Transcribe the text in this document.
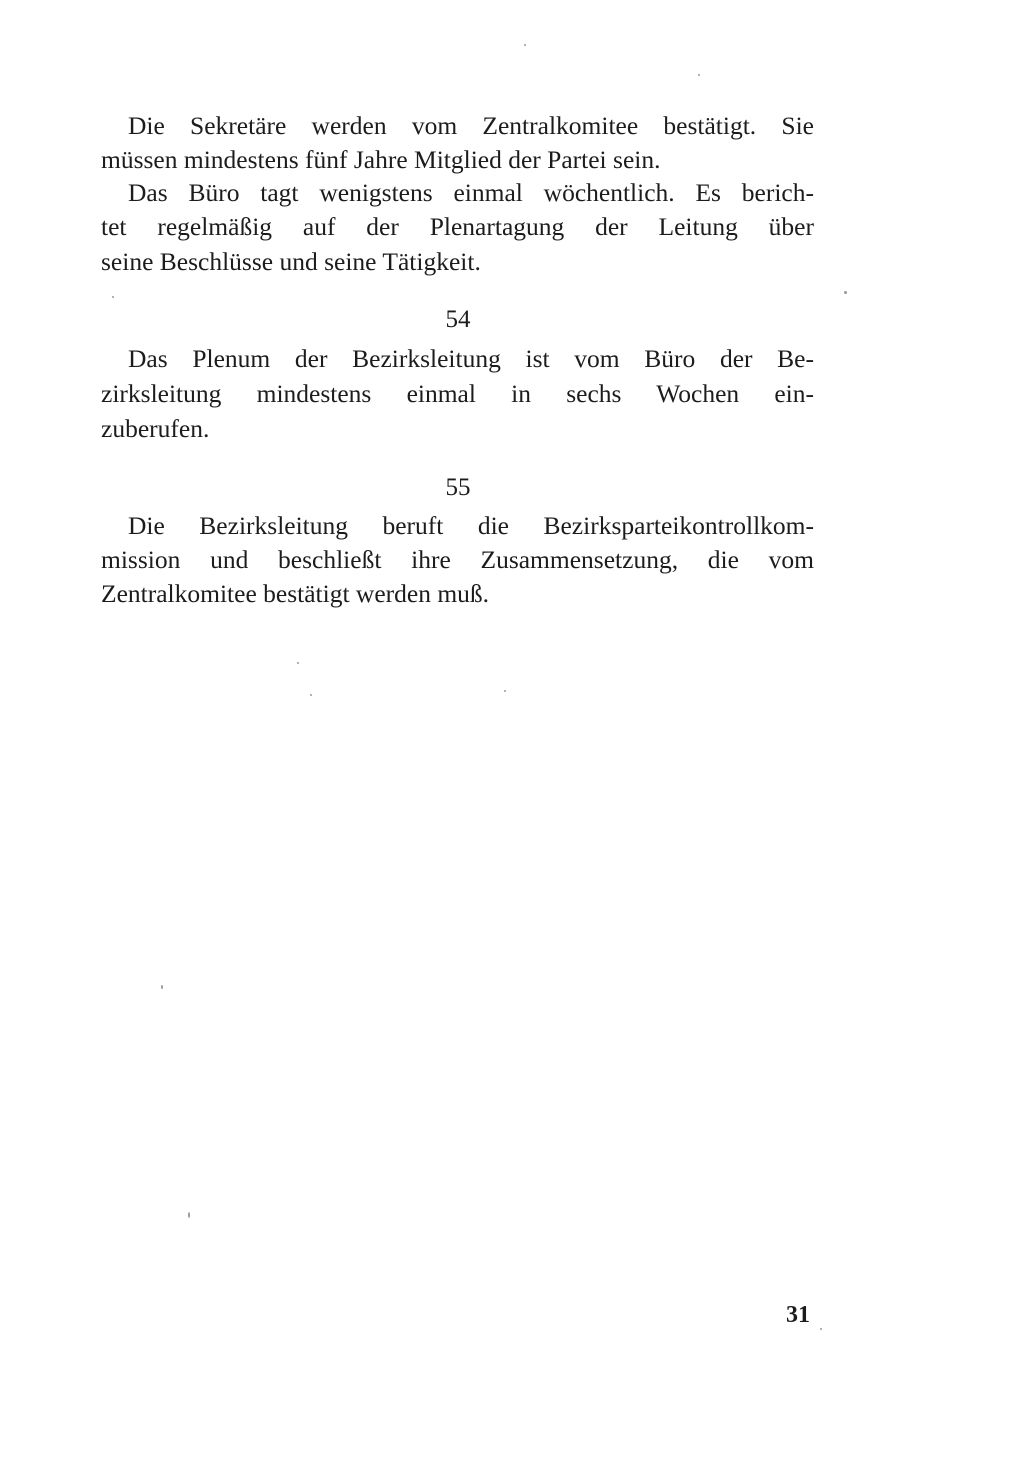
Die Sekretäre werden vom Zentralkomitee bestätigt. Sie
müssen mindestens fünf Jahre Mitglied der Partei sein.
Das Büro tagt wenigstens einmal wöchentlich. Es berich-
tet regelmäßig auf der Plenartagung der Leitung über
seine Beschlüsse und seine Tätigkeit.
54
Das Plenum der Bezirksleitung ist vom Büro der Be-
zirksleitung mindestens einmal in sechs Wochen ein-
zuberufen.
55
Die Bezirksleitung beruft die Bezirksparteikontrollkom-
mission und beschließt ihre Zusammensetzung, die vom
Zentralkomitee bestätigt werden muß.
31
